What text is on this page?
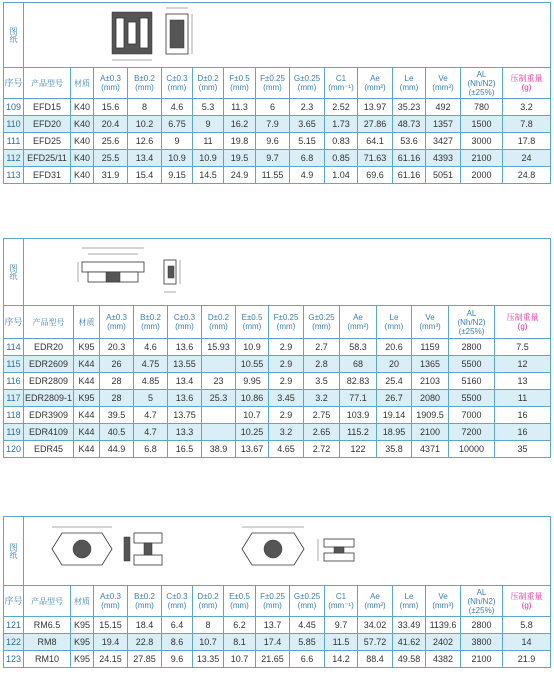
图纸	

序号	产品型号	材质	A±0.3
(mm)	B±0.2
(mm)	C±0.3
(mm)	D±0.2
(mm)	F±0.5
(mm)	F±0.25
(mm)	G±0.25
(mm)	C1
(mm⁻¹)	Ae
(mm²)	Le
(mm)	Ve
(mm³)	AL
(Nh/N2)
(±25%)	压制重量
(g)
109	EFD15	K40	15.6	8	4.6	5.3	11.3	6	2.3	2.52	13.97	35.23	492	780	3.2
110	EFD20	K40	20.4	10.2	6.75	9	16.2	7.9	3.65	1.73	27.86	48.73	1357	1500	7.8
111	EFD25	K40	25.6	12.6	9	11	19.8	9.6	5.15	0.83	64.1	53.6	3427	3000	17.8
112	EFD25/11	K40	25.5	13.4	10.9	10.9	19.5	9.7	6.8	0.85	71.63	61.16	4393	2100	24
113	EFD31	K40	31.9	15.4	9.15	14.5	24.9	11.55	4.9	1.04	69.6	61.16	5051	2000	24.8
图纸	

序号	产品型号	材质	A±0.3
(mm)	B±0.2
(mm)	C±0.3
(mm)	D±0.2
(mm)	E±0.5
(mm)	F±0.25
(mm)	G±0.25
(mm)	Ae
(mm²)	Le
(mm)	Ve
(mm³)	AL
(Nh/N2)
(±25%)	压制重量
(g)
114	EDR20	K95	20.3	4.6	13.6	15.93	10.9	2.9	2.7	58.3	20.6	1159	2800	7.5
115	EDR2609	K44	26	4.75	13.55		10.55	2.9	2.8	68	20	1365	5500	12
116	EDR2809	K44	28	4.85	13.4	23	9.95	2.9	3.5	82.83	25.4	2103	5160	13
117	EDR2809-1	K95	28	5	13.6	25.3	10.86	3.45	3.2	77.1	26.7	2080	5500	11
118	EDR3909	K44	39.5	4.7	13.75		10.7	2.9	2.75	103.9	19.14	1909.5	7000	16
119	EDR4109	K44	40.5	4.7	13.3		10.25	3.2	2.65	115.2	18.95	2100	7200	16
120	EDR45	K44	44.9	6.8	16.5	38.9	13.67	4.65	2.72	122	35.8	4371	10000	35
图纸	

序号	产品型号	材质	A±0.3
(mm)	B±0.2
(mm)	C±0.3
(mm)	D±0.2
(mm)	E±0.5
(mm)	F±0.25
(mm)	G±0.25
(mm)	C1
(mm⁻¹)	Ae
(mm²)	Le
(mm)	Ve
(mm³)	AL
(Nh/N2)
(±25%)	压制重量
(g)
121	RM6.5	K95	15.15	18.4	6.4	8	6.2	13.7	4.45	9.7	34.02	33.49	1139.6	2800	5.8
122	RM8	K95	19.4	22.8	8.6	10.7	8.1	17.4	5.85	11.5	57.72	41.62	2402	3800	14
123	RM10	K95	24.15	27.85	9.6	13.35	10.7	21.65	6.6	14.2	88.4	49.58	4382	2100	21.9
